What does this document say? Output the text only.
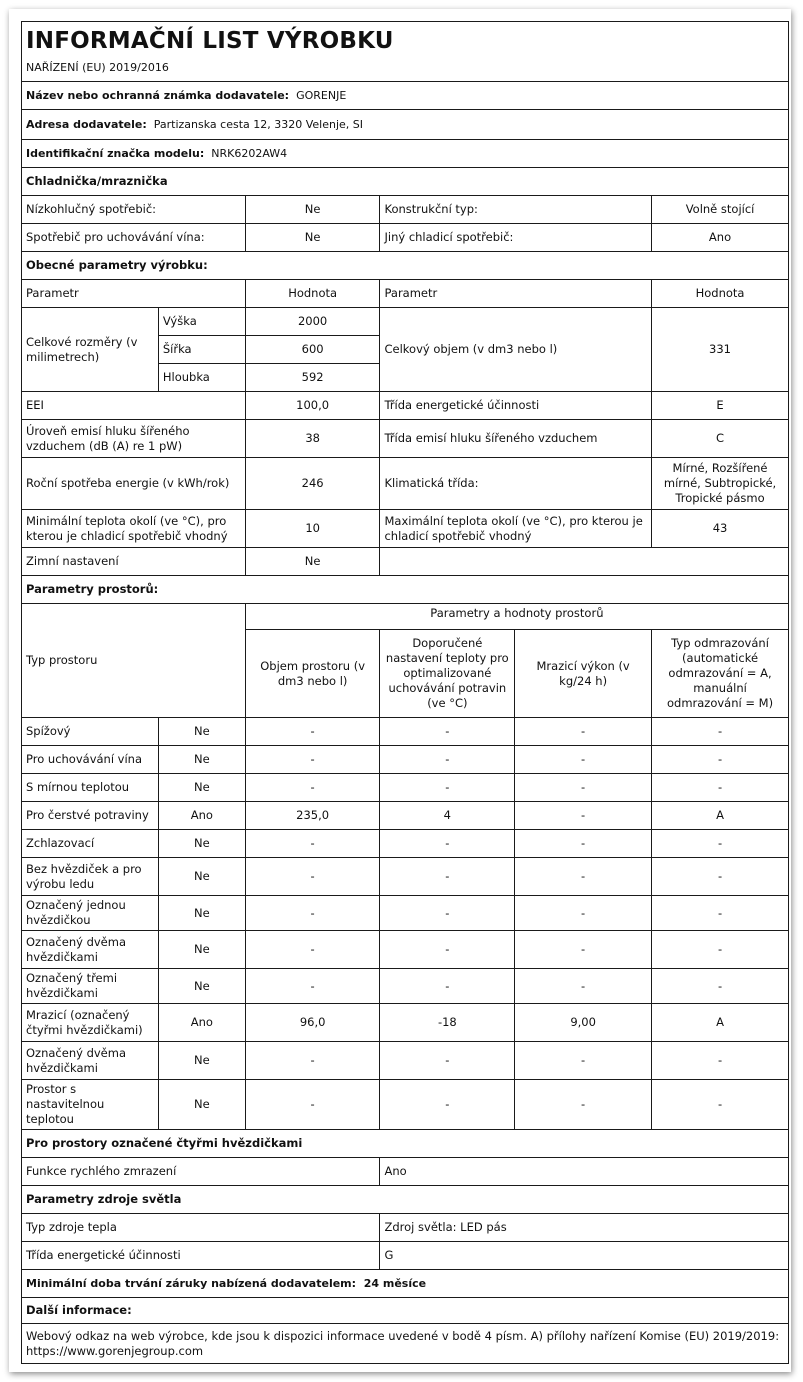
INFORMAČNÍ LIST VÝROBKU					
NAŘÍZENÍ (EU) 2019/2016					
Název nebo ochranná známka dodavatele: GORENJE					
Adresa dodavatele: Partizanska cesta 12, 3320 Velenje, SI					
Identifikační značka modelu: NRK6202AW4					
Chladnička/mraznička					
Nízkohlučný spotřebič:		Ne	Konstrukční typ:		Volně stojící
Spotřebič pro uchovávání vína:		Ne	Jiný chladicí spotřebič:		Ano
Obecné parametry výrobku:					
Parametr		Hodnota	Parametr		Hodnota
Celkové rozměry (v milimetrech)	Výška	2000	Celkový objem (v dm3 nebo l)		331
	Šířka	600			
	Hloubka	592			
EEI		100,0	Třída energetické účinnosti		E
Úroveň emisí hluku šířeného vzduchem (dB (A) re 1 pW)		38	Třída emisí hluku šířeného vzduchem		C
Roční spotřeba energie (v kWh/rok)		246	Klimatická třída:		Mírné, Rozšířené mírné, Subtropické, Tropické pásmo
Minimální teplota okolí (ve °C), pro kterou je chladicí spotřebič vhodný		10	Maximální teplota okolí (ve °C), pro kterou je chladicí spotřebič vhodný		43
Zimní nastavení		Ne			
Parametry prostorů:					
Typ prostoru		Parametry a hodnoty prostorů			
		Objem prostoru (v dm3 nebo l)	Doporučené nastavení teploty pro optimalizované uchovávání potravin (ve °C)	Mrazicí výkon (v kg/24 h)	Typ odmrazování (automatické odmrazování = A, manuální odmrazování = M)
Spížový	Ne	-	-	-	-
Pro uchovávání vína	Ne	-	-	-	-
S mírnou teplotou	Ne	-	-	-	-
Pro čerstvé potraviny	Ano	235,0	4	-	A
Zchlazovací	Ne	-	-	-	-
Bez hvězdiček a pro výrobu ledu	Ne	-	-	-	-
Označený jednou hvězdičkou	Ne	-	-	-	-
Označený dvěma hvězdičkami	Ne	-	-	-	-
Označený třemi hvězdičkami	Ne	-	-	-	-
Mrazicí (označený čtyřmi hvězdičkami)	Ano	96,0	-18	9,00	A
Označený dvěma hvězdičkami	Ne	-	-	-	-
Prostor s nastavitelnou teplotou	Ne	-	-	-	-
Pro prostory označené čtyřmi hvězdičkami					
Funkce rychlého zmrazení			Ano		
Parametry zdroje světla					
Typ zdroje tepla			Zdroj světla: LED pás		
Třída energetické účinnosti			G		
Minimální doba trvání záruky nabízená dodavatelem: 24 měsíce					
Další informace:					
Webový odkaz na web výrobce, kde jsou k dispozici informace uvedené v bodě 4 písm. A) přílohy nařízení Komise (EU) 2019/2019: https://www.gorenjegroup.com					
